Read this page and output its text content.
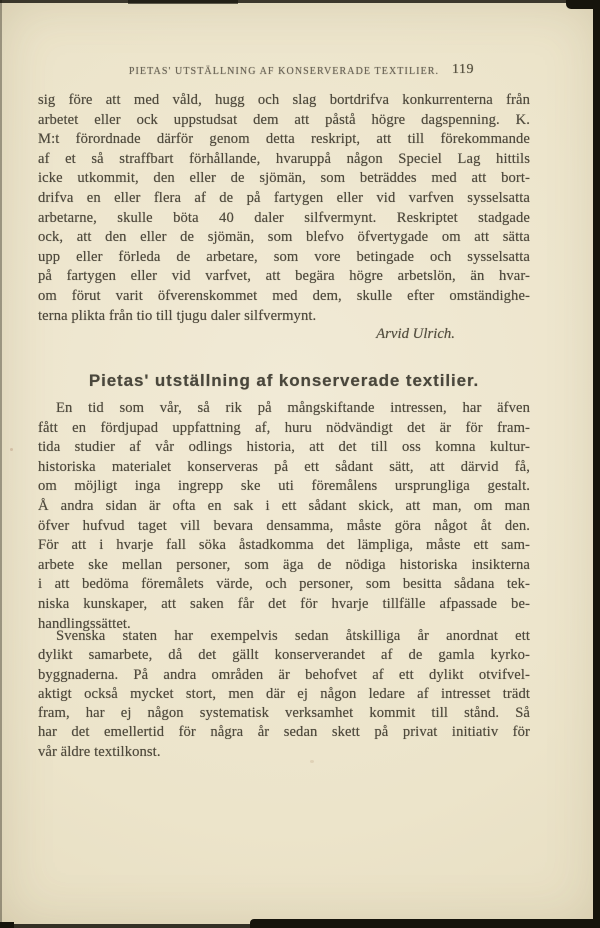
PIETAS' UTSTÄLLNING AF KONSERVERADE TEXTILIER. 119
sig före att med våld, hugg och slag bortdrifva konkurrenterna från
arbetet eller ock uppstudsat dem att påstå högre dagspenning. K.
M:t förordnade därför genom detta reskript, att till förekommande
af et så straffbart förhållande, hvaruppå någon Speciel Lag hittils
icke utkommit, den eller de sjömän, som beträddes med att bort-
drifva en eller flera af de på fartygen eller vid varfven sysselsatta
arbetarne, skulle böta 40 daler silfvermynt. Reskriptet stadgade
ock, att den eller de sjömän, som blefvo öfvertygade om att sätta
upp eller förleda de arbetare, som vore betingade och sysselsatta
på fartygen eller vid varfvet, att begära högre arbetslön, än hvar-
om förut varit öfverenskommet med dem, skulle efter omständighe-
terna plikta från tio till tjugu daler silfvermynt.
Arvid Ulrich.
Pietas' utställning af konserverade textilier.
En tid som vår, så rik på mångskiftande intressen, har äfven
fått en fördjupad uppfattning af, huru nödvändigt det är för fram-
tida studier af vår odlings historia, att det till oss komna kultur-
historiska materialet konserveras på ett sådant sätt, att därvid få,
om möjligt inga ingrepp ske uti föremålens ursprungliga gestalt.
Å andra sidan är ofta en sak i ett sådant skick, att man, om man
öfver hufvud taget vill bevara densamma, måste göra något åt den.
För att i hvarje fall söka åstadkomma det lämpliga, måste ett sam-
arbete ske mellan personer, som äga de nödiga historiska insikterna
i att bedöma föremålets värde, och personer, som besitta sådana tek-
niska kunskaper, att saken får det för hvarje tillfälle afpassade be-
handlingssättet.
Svenska staten har exempelvis sedan åtskilliga år anordnat ett
dylikt samarbete, då det gällt konserverandet af de gamla kyrko-
byggnaderna. På andra områden är behofvet af ett dylikt otvifvel-
aktigt också mycket stort, men där ej någon ledare af intresset trädt
fram, har ej någon systematisk verksamhet kommit till stånd. Så
har det emellertid för några år sedan skett på privat initiativ för
vår äldre textilkonst.
